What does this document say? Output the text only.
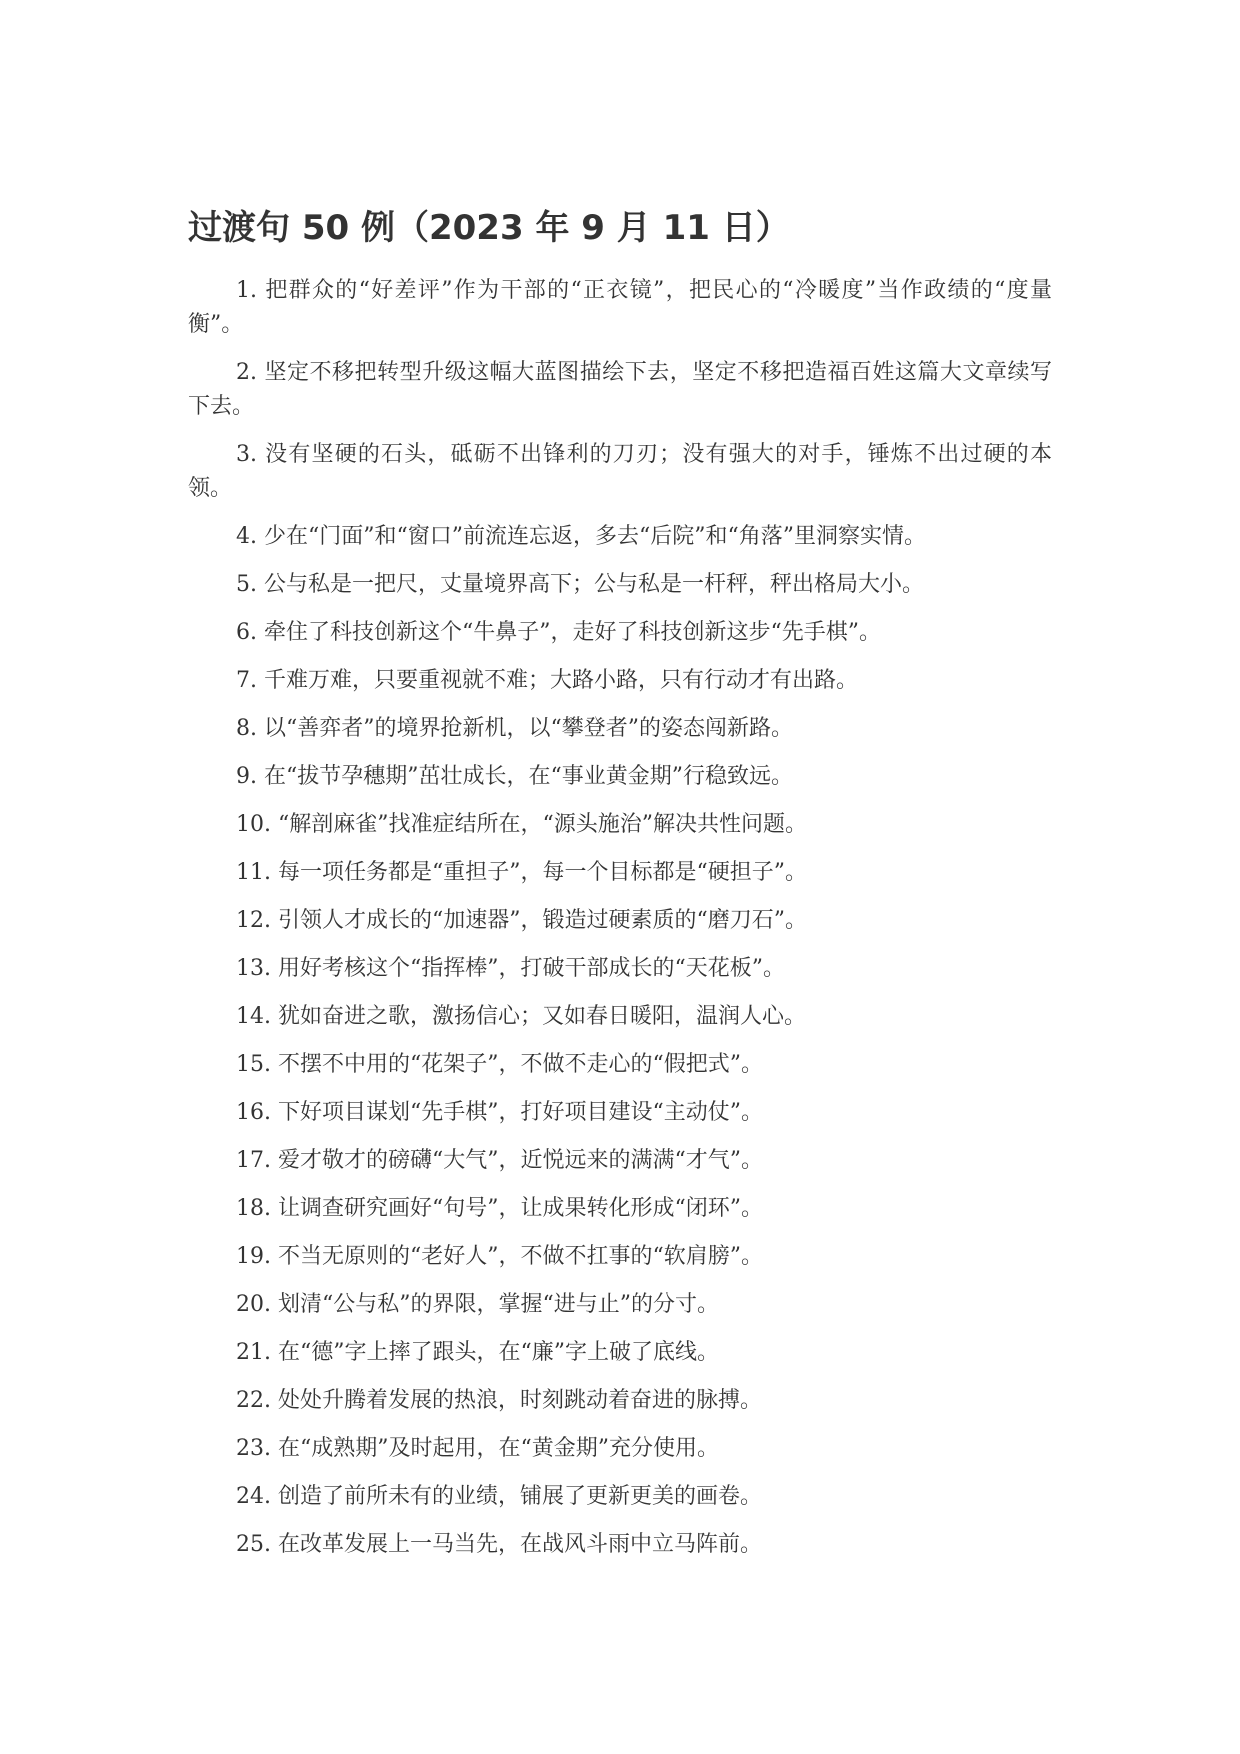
过渡句 50 例（2023 年 9 月 11 日）
1. 把群众的“好差评”作为干部的“正衣镜”，把民心的“冷暖度”当作政绩的“度量衡”。
2. 坚定不移把转型升级这幅大蓝图描绘下去，坚定不移把造福百姓这篇大文章续写下去。
3. 没有坚硬的石头，砥砺不出锋利的刀刃；没有强大的对手，锤炼不出过硬的本领。
4. 少在“门面”和“窗口”前流连忘返，多去“后院”和“角落”里洞察实情。
5. 公与私是一把尺，丈量境界高下；公与私是一杆秤，秤出格局大小。
6. 牵住了科技创新这个“牛鼻子”，走好了科技创新这步“先手棋”。
7. 千难万难，只要重视就不难；大路小路，只有行动才有出路。
8. 以“善弈者”的境界抢新机，以“攀登者”的姿态闯新路。
9. 在“拔节孕穗期”茁壮成长，在“事业黄金期”行稳致远。
10. “解剖麻雀”找准症结所在，“源头施治”解决共性问题。
11. 每一项任务都是“重担子”，每一个目标都是“硬担子”。
12. 引领人才成长的“加速器”，锻造过硬素质的“磨刀石”。
13. 用好考核这个“指挥棒”，打破干部成长的“天花板”。
14. 犹如奋进之歌，激扬信心；又如春日暖阳，温润人心。
15. 不摆不中用的“花架子”，不做不走心的“假把式”。
16. 下好项目谋划“先手棋”，打好项目建设“主动仗”。
17. 爱才敬才的磅礴“大气”，近悦远来的满满“才气”。
18. 让调查研究画好“句号”，让成果转化形成“闭环”。
19. 不当无原则的“老好人”，不做不扛事的“软肩膀”。
20. 划清“公与私”的界限，掌握“进与止”的分寸。
21. 在“德”字上摔了跟头，在“廉”字上破了底线。
22. 处处升腾着发展的热浪，时刻跳动着奋进的脉搏。
23. 在“成熟期”及时起用，在“黄金期”充分使用。
24. 创造了前所未有的业绩，铺展了更新更美的画卷。
25. 在改革发展上一马当先，在战风斗雨中立马阵前。
